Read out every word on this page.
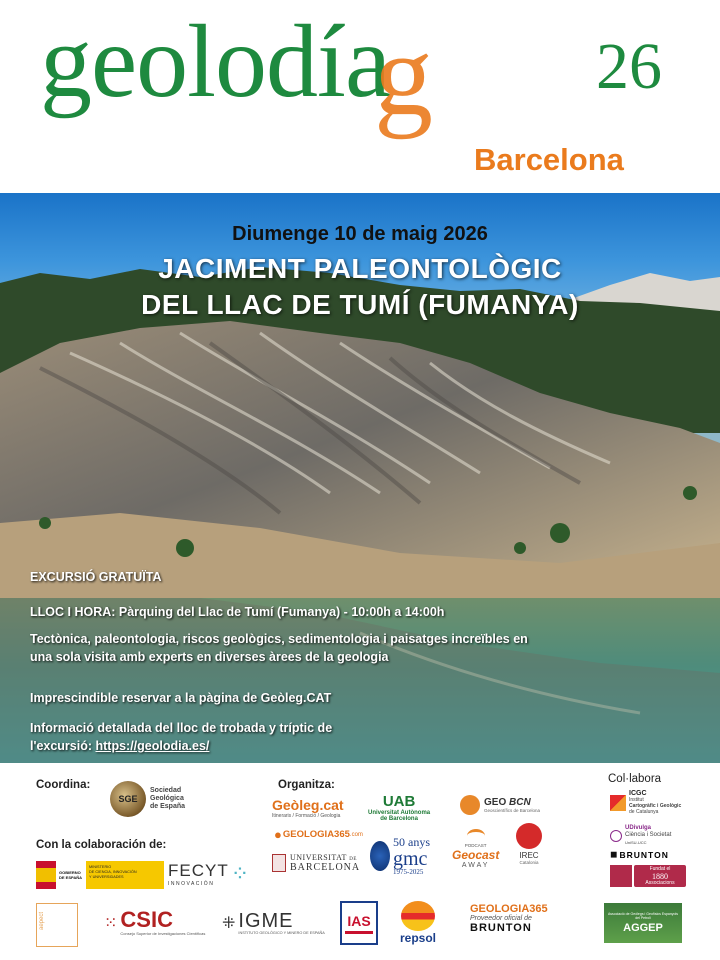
geolodía
g 26
Barcelona
Diumenge 10 de maig 2026
JACIMENT PALEONTOLÒGIC
DEL LLAC DE TUMÍ (FUMANYA)
EXCURSIÓ GRATUÏTA
LLOC I HORA: Pàrquing del Llac de Tumí (Fumanya) - 10:00h a 14:00h
Tectònica, paleontologia, riscos geològics, sedimentologia i paisatges increïbles en
una sola visita amb experts en diverses àrees de la geologia
Imprescindible reservar a la pàgina de Geòleg.CAT
Informació detallada del lloc de trobada y tríptic de
l'excursió: https://geolodia.es/
Coordina:	Organitza:	Col·labora
Con la colaboración de:
SGE
Sociedad
Geológica
de España	Geòleg.cat
Itineraris / Formació / Geologia
UAB
Universitat Autònoma
de Barcelona
GEO BCN
Geoscientífics de Barcelona
● GEOLOGIA365 .com
UNIVERSITAT DE
BARCELONA
50 anys
gmc
1975-2025
PODCAST
Geocast
AWAY
IREC
Catalonia
ICGC
Institut
Cartogràfic i Geològic
de Catalunya
UDivulga
Ciència i Societat
UniSU-UCC
◼ BRUNTON
Fundat el
1880
Associacions
GOBIERNO
DE ESPAÑA
MINISTERIO
DE CIENCIA, INNOVACIÓN
Y UNIVERSIDADES	FECYT
INNOVACIÓN ⁘
aepect	⁙ CSIC
Consejo Superior de Investigaciones Científicas
⁜ IGME
INSTITUTO GEOLÓGICO Y MINERO DE ESPAÑA
IAS
repsol
GEOLOGIA365
Proveedor oficial de
BRUNTON
Associació de Geòlegs i Geofísics Espanyols del Petroli
AGGEP
